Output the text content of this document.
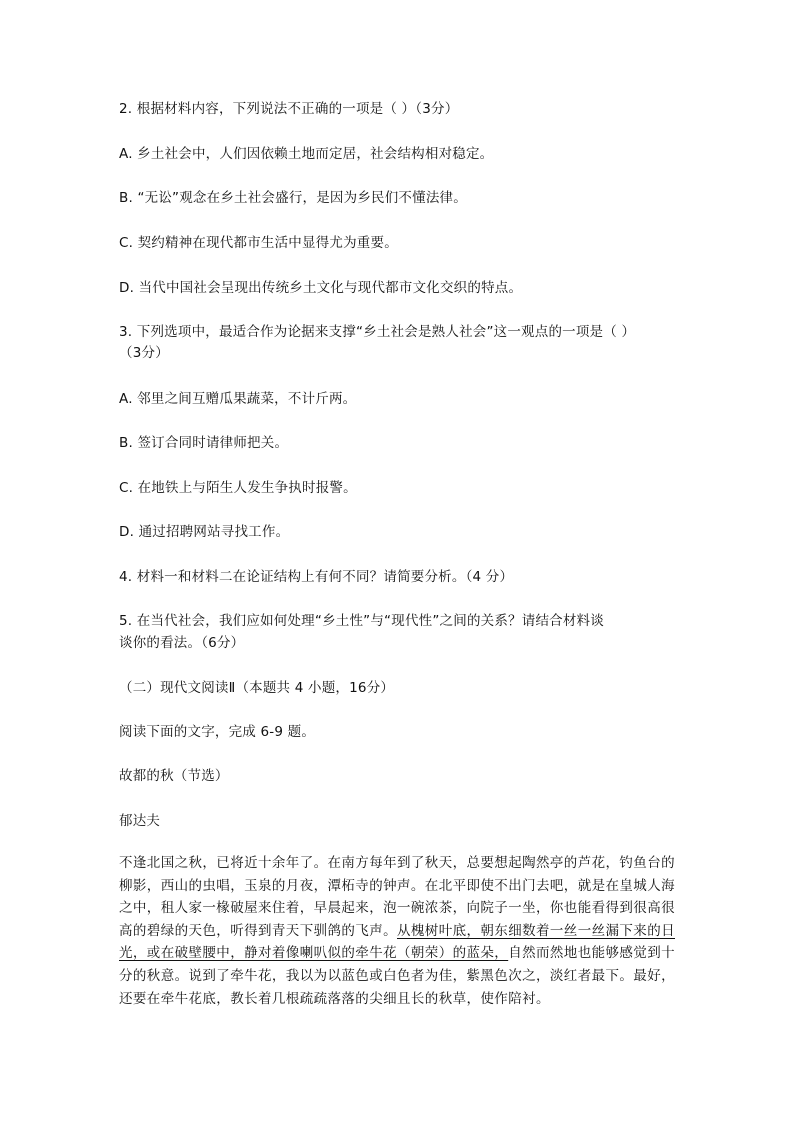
2. 根据材料内容，下列说法不正确的一项是（ ）（3分）
A. 乡土社会中，人们因依赖土地而定居，社会结构相对稳定。
B. “无讼”观念在乡土社会盛行，是因为乡民们不懂法律。
C. 契约精神在现代都市生活中显得尤为重要。
D. 当代中国社会呈现出传统乡土文化与现代都市文化交织的特点。
3. 下列选项中，最适合作为论据来支撑“乡土社会是熟人社会”这一观点的一项是（ ）
（3分）
A. 邻里之间互赠瓜果蔬菜，不计斤两。
B. 签订合同时请律师把关。
C. 在地铁上与陌生人发生争执时报警。
D. 通过招聘网站寻找工作。
4. 材料一和材料二在论证结构上有何不同？请简要分析。（4 分）
5. 在当代社会，我们应如何处理“乡土性”与“现代性”之间的关系？请结合材料谈
谈你的看法。（6分）
（二）现代文阅读Ⅱ（本题共 4 小题，16分）
阅读下面的文字，完成 6-9 题。
故都的秋（节选）
郁达夫
不逢北国之秋，已将近十余年了。在南方每年到了秋天，总要想起陶然亭的芦花，钓鱼台的柳影，西山的虫唱，玉泉的月夜，潭柘寺的钟声。在北平即使不出门去吧，就是在皇城人海之中，租人家一椽破屋来住着，早晨起来，泡一碗浓茶，向院子一坐，你也能看得到很高很高的碧绿的天色，听得到青天下驯鸽的飞声。从槐树叶底，朝东细数着一丝一丝漏下来的日光，或在破壁腰中，静对着像喇叭似的牵牛花（朝荣）的蓝朵，自然而然地也能够感觉到十分的秋意。说到了牵牛花，我以为以蓝色或白色者为佳，紫黑色次之，淡红者最下。最好，还要在牵牛花底，教长着几根疏疏落落的尖细且长的秋草，使作陪衬。
